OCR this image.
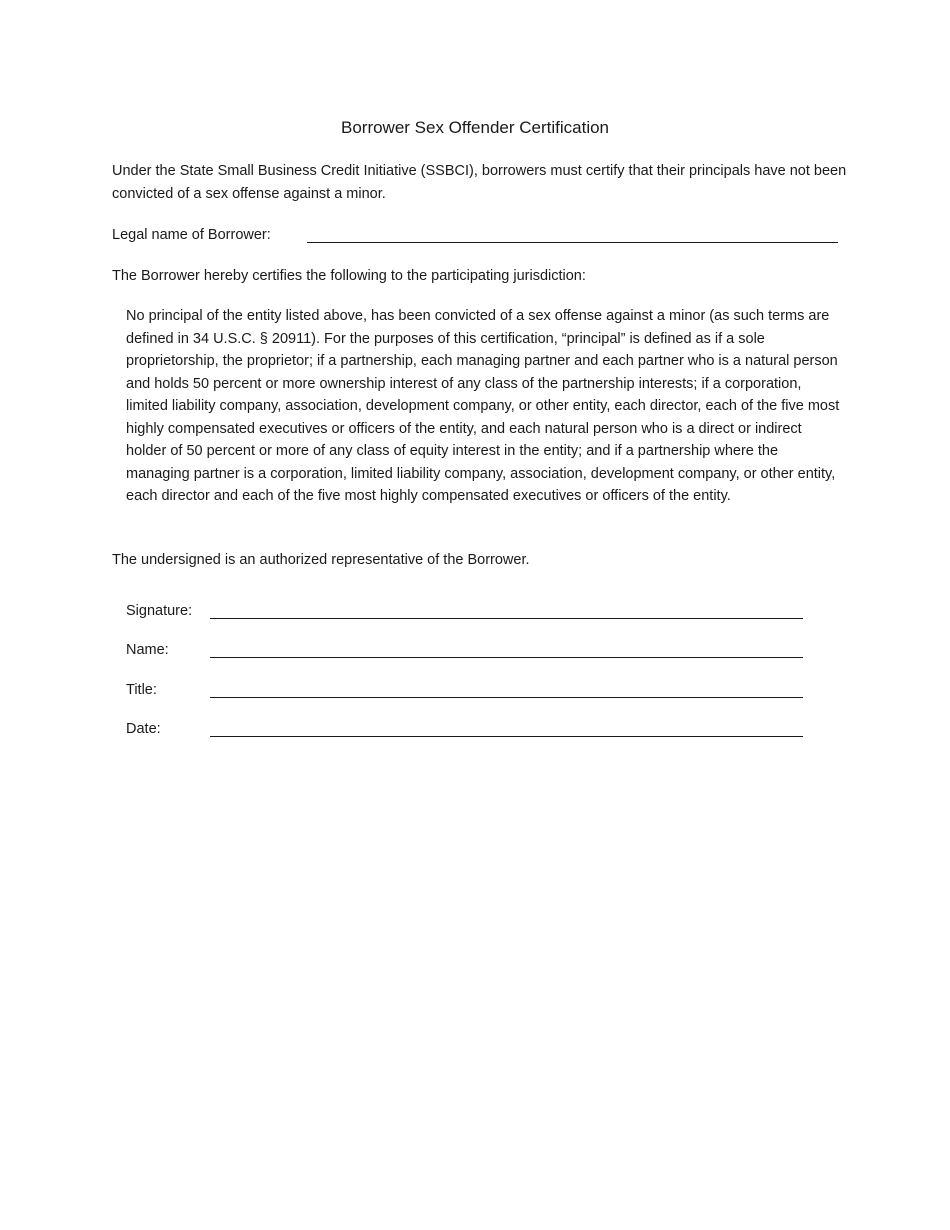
Borrower Sex Offender Certification
Under the State Small Business Credit Initiative (SSBCI), borrowers must certify that their principals have not been convicted of a sex offense against a minor.
Legal name of Borrower:
The Borrower hereby certifies the following to the participating jurisdiction:
No principal of the entity listed above, has been convicted of a sex offense against a minor (as such terms are defined in 34 U.S.C. § 20911). For the purposes of this certification, “principal” is defined as if a sole proprietorship, the proprietor; if a partnership, each managing partner and each partner who is a natural person and holds 50 percent or more ownership interest of any class of the partnership interests; if a corporation, limited liability company, association, development company, or other entity, each director, each of the five most highly compensated executives or officers of the entity, and each natural person who is a direct or indirect holder of 50 percent or more of any class of equity interest in the entity; and if a partnership where the managing partner is a corporation, limited liability company, association, development company, or other entity, each director and each of the five most highly compensated executives or officers of the entity.
The undersigned is an authorized representative of the Borrower.
Signature:
Name:
Title:
Date:
